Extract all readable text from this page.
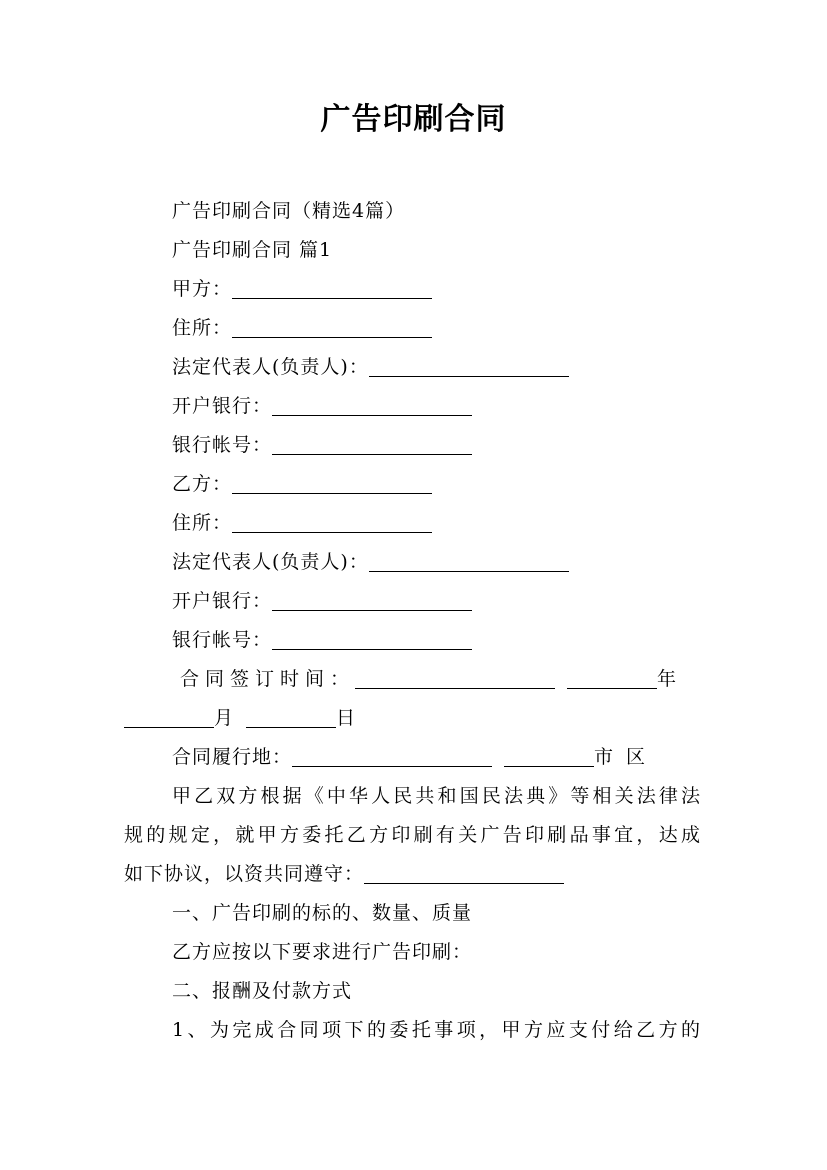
广告印刷合同
广告印刷合同（精选4篇）
广告印刷合同 篇1
甲方：
住所：
法定代表人(负责人)：
开户银行：
银行帐号：
乙方：
住所：
法定代表人(负责人)：
开户银行：
银行帐号：
合同签订时间：	年
月	日
合同履行地：	市 区
甲乙双方根据《中华人民共和国民法典》等相关法律法
规的规定，就甲方委托乙方印刷有关广告印刷品事宜，达成
如下协议，以资共同遵守：
一、广告印刷的标的、数量、质量
乙方应按以下要求进行广告印刷：
二、报酬及付款方式
1、为完成合同项下的委托事项，甲方应支付给乙方的
